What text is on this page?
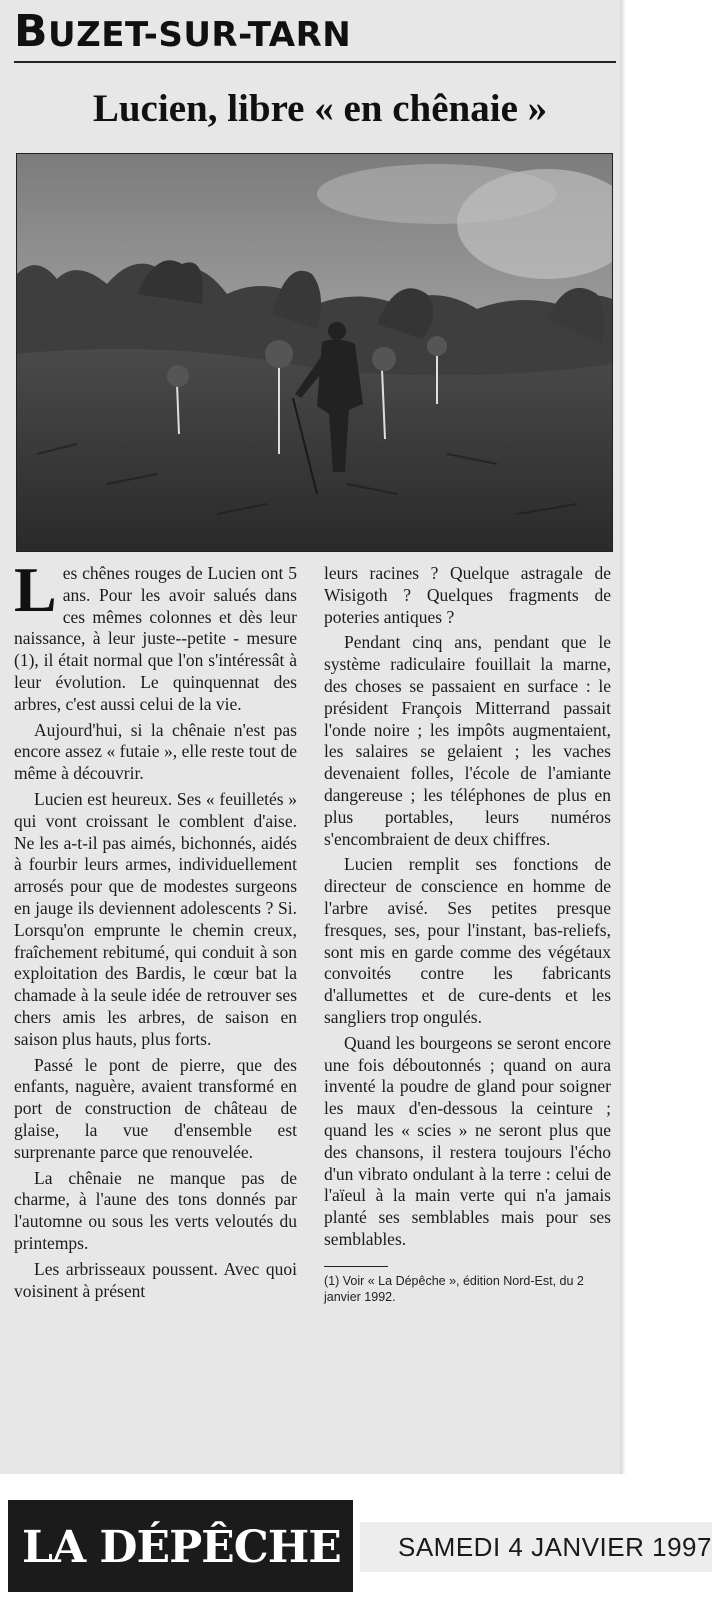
BUZET-SUR-TARN
Lucien, libre « en chênaie »

Les chênes rouges de Lucien ont 5 ans. Pour les avoir salués dans ces mêmes colonnes et dès leur naissance, à leur juste--petite - mesure (1), il était normal que l'on s'intéressât à leur évolution. Le quinquennat des arbres, c'est aussi celui de la vie.

Aujourd'hui, si la chênaie n'est pas encore assez « futaie », elle reste tout de même à découvrir.

Lucien est heureux. Ses « feuilletés » qui vont croissant le comblent d'aise. Ne les a-t-il pas aimés, bichonnés, aidés à fourbir leurs armes, individuellement arrosés pour que de modestes surgeons en jauge ils deviennent adolescents ? Si. Lorsqu'on emprunte le chemin creux, fraîchement rebitumé, qui conduit à son exploitation des Bardis, le cœur bat la chamade à la seule idée de retrouver ses chers amis les arbres, de saison en saison plus hauts, plus forts.

Passé le pont de pierre, que des enfants, naguère, avaient transformé en port de construction de château de glaise, la vue d'ensemble est surprenante parce que renouvelée.

La chênaie ne manque pas de charme, à l'aune des tons donnés par l'automne ou sous les verts veloutés du printemps.

Les arbrisseaux poussent. Avec quoi voisinent à présent

leurs racines ? Quelque astragale de Wisigoth ? Quelques fragments de poteries antiques ?

Pendant cinq ans, pendant que le système radiculaire fouillait la marne, des choses se passaient en surface : le président François Mitterrand passait l'onde noire ; les impôts augmentaient, les salaires se gelaient ; les vaches devenaient folles, l'école de l'amiante dangereuse ; les téléphones de plus en plus portables, leurs numéros s'encombraient de deux chiffres.

Lucien remplit ses fonctions de directeur de conscience en homme de l'arbre avisé. Ses petites presque fresques, ses, pour l'instant, bas-reliefs, sont mis en garde comme des végétaux convoités contre les fabricants d'allumettes et de cure-dents et les sangliers trop ongulés.

Quand les bourgeons se seront encore une fois déboutonnés ; quand on aura inventé la poudre de gland pour soigner les maux d'en-dessous la ceinture ; quand les « scies » ne seront plus que des chansons, il restera toujours l'écho d'un vibrato ondulant à la terre : celui de l'aïeul à la main verte qui n'a jamais planté ses semblables mais pour ses semblables.

(1) Voir « La Dépêche », édition Nord-Est, du 2 janvier 1992.
LA DÉPÊCHE SAMEDI 4 JANVIER 1997
